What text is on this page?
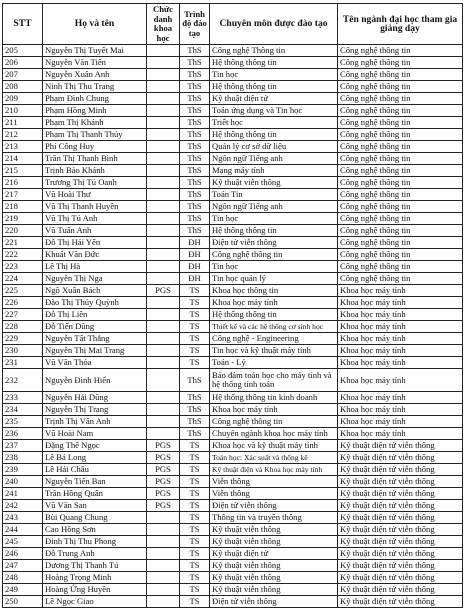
STT	Họ và tên	Chức danh khoa học	Trình độ đào tạo	Chuyên môn được đào tạo	Tên ngành đại học tham gia giảng dạy
205	Nguyễn Thị Tuyết Mai		ThS	Công nghệ Thông tin	Công nghệ thông tin
206	Nguyễn Văn Tiến		ThS	Hệ thống thông tin	Công nghệ thông tin
207	Nguyễn Xuân Anh		ThS	Tin học	Công nghệ thông tin
208	Ninh Thị Thu Trang		ThS	Hệ thống thông tin	Công nghệ thông tin
209	Phạm Đình Chung		ThS	Kỹ thuật điện tử	Công nghệ thông tin
210	Phạm Hồng Minh		ThS	Toán ứng dụng và Tin học	Công nghệ thông tin
211	Phạm Thị Khánh		ThS	Triết học	Công nghệ thông tin
212	Phạm Thị Thanh Thủy		ThS	Hệ thống thông tin	Công nghệ thông tin
213	Phí Công Huy		ThS	Quản lý cơ sở dữ liệu	Công nghệ thông tin
214	Trần Thị Thanh Bình		ThS	Ngôn ngữ Tiếng anh	Công nghệ thông tin
215	Trịnh Bảo Khánh		ThS	Mạng máy tính	Công nghệ thông tin
216	Trương Thị Tú Oanh		ThS	Kỹ thuật viễn thông	Công nghệ thông tin
217	Vũ Hoài Thư		ThS	Toán Tin	Công nghệ thông tin
218	Vũ Thị Thanh Huyền		ThS	Ngôn ngữ Tiếng anh	Công nghệ thông tin
219	Vũ Thị Tú Anh		ThS	Tin học	Công nghệ thông tin
220	Vũ Tuấn Anh		ThS	Hệ thống thông tin	Công nghệ thông tin
221	Đỗ Thị Hải Yến		ĐH	Điện tử viễn thông	Công nghệ thông tin
222	Khuất Văn Đức		ĐH	Công nghệ thông tin	Công nghệ thông tin
223	Lê Thị Hà		ĐH	Tin học	Công nghệ thông tin
224	Nguyễn Thị Nga		ĐH	Tin học quản lý	Công nghệ thông tin
225	Ngô Xuân Bách	PGS	TS	Khoa học thông tin	Khoa học máy tính
226	Đào Thị Thúy Quỳnh		TS	Khoa học máy tính	Khoa học máy tính
227	Đỗ Thị Liên		TS	Hệ thống thông tin	Khoa học máy tính
228	Đỗ Tiến Dũng		TS	Thiết kế và các hệ thống cơ sinh học	Khoa học máy tính
229	Nguyễn Tất Thắng		TS	Công nghệ - Engineering	Khoa học máy tính
230	Nguyễn Thị Mai Trang		TS	Tin học và kỹ thuật máy tính	Khoa học máy tính
231	Vũ Văn Thỏa		TS	Toán - Lý	Khoa học máy tính
232	Nguyễn Đình Hiển		ThS	Bảo đảm toán học cho máy tính và hệ thống tính toán	Khoa học máy tính
233	Nguyễn Hải Dũng		ThS	Hệ thống thông tin kinh doanh	Khoa học máy tính
234	Nguyễn Thị Trang		ThS	Khoa học máy tính	Khoa học máy tính
235	Trịnh Thị Vân Anh		ThS	Công nghệ thông tin	Khoa học máy tính
236	Vũ Hoài Nam		ThS	Chuyên ngành khoa học máy tính	Khoa học máy tính
237	Đặng Thế Ngọc	PGS	TS	Khoa học và kỹ thuật máy tính	Kỹ thuật điện tử viễn thông
238	Lê Bá Long	PGS	TS	Toán học: Xác suất và thống kê	Kỹ thuật điện tử viễn thông
239	Lê Hải Châu	PGS	TS	Kỹ thuật điện và Khoa học máy tính	Kỹ thuật điện tử viễn thông
240	Nguyễn Tiến Ban	PGS	TS	Viễn thông	Kỹ thuật điện tử viễn thông
241	Trần Hồng Quân	PGS	TS	Viễn thông	Kỹ thuật điện tử viễn thông
242	Vũ Văn San	PGS	TS	Điện tử viễn thông	Kỹ thuật điện tử viễn thông
243	Bùi Quang Chung		TS	Thông tin và truyền thông	Kỹ thuật điện tử viễn thông
244	Cao Hồng Sơn		TS	Kỹ thuật viễn thông	Kỹ thuật điện tử viễn thông
245	Đinh Thị Thu Phong		TS	Kỹ thuật viễn thông	Kỹ thuật điện tử viễn thông
246	Đỗ Trung Anh		TS	Kỹ thuật điện tử	Kỹ thuật điện tử viễn thông
247	Dương Thị Thanh Tú		TS	Kỹ thuật viễn thông	Kỹ thuật điện tử viễn thông
248	Hoàng Trọng Minh		TS	Kỹ thuật viễn thông	Kỹ thuật điện tử viễn thông
249	Hoàng Ứng Huyền		TS	Kỹ thuật viễn thông	Kỹ thuật điện tử viễn thông
250	Lê Ngọc Giao		TS	Điện tử viễn thông	Kỹ thuật điện tử viễn thông
